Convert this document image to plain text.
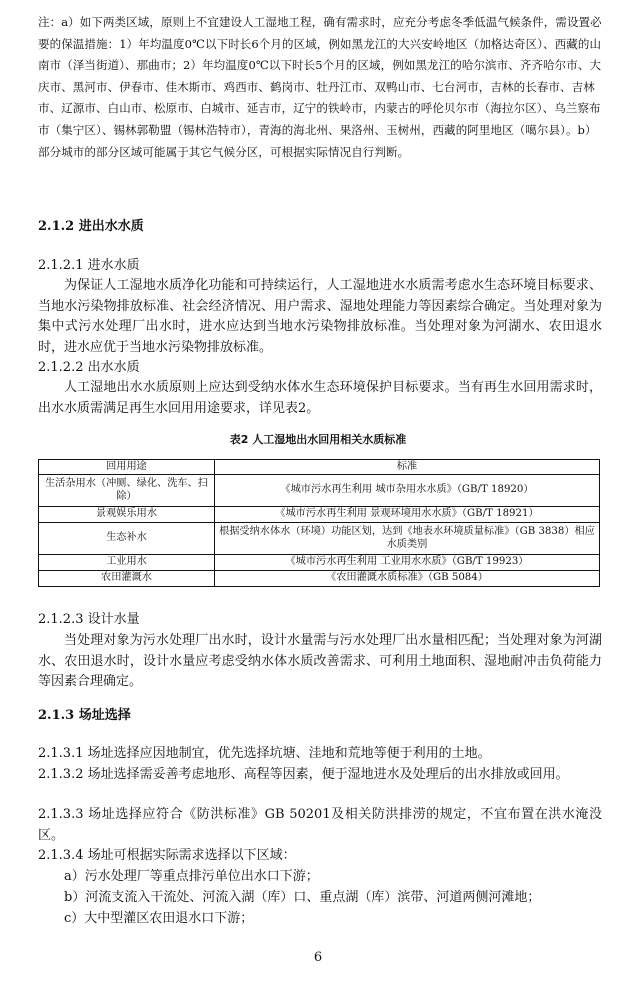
注：a）如下两类区域，原则上不宜建设人工湿地工程，确有需求时，应充分考虑冬季低温气候条件，需设置必要的保温措施：1）年均温度0℃以下时长6个月的区域，例如黑龙江的大兴安岭地区（加格达奇区）、西藏的山南市（泽当街道）、那曲市；2）年均温度0℃以下时长5个月的区域，例如黑龙江的哈尔滨市、齐齐哈尔市、大庆市、黑河市、伊春市、佳木斯市、鸡西市、鹤岗市、牡丹江市、双鸭山市、七台河市，吉林的长春市、吉林市、辽源市、白山市、松原市、白城市、延吉市，辽宁的铁岭市，内蒙古的呼伦贝尔市（海拉尔区）、乌兰察布市（集宁区）、锡林郭勒盟（锡林浩特市），青海的海北州、果洛州、玉树州，西藏的阿里地区（噶尔县）。b）部分城市的部分区域可能属于其它气候分区，可根据实际情况自行判断。
2.1.2 进出水水质
2.1.2.1 进水水质
为保证人工湿地水质净化功能和可持续运行，人工湿地进水水质需考虑水生态环境目标要求、当地水污染物排放标准、社会经济情况、用户需求、湿地处理能力等因素综合确定。当处理对象为集中式污水处理厂出水时，进水应达到当地水污染物排放标准。当处理对象为河湖水、农田退水时，进水应优于当地水污染物排放标准。
2.1.2.2 出水水质
人工湿地出水水质原则上应达到受纳水体水生态环境保护目标要求。当有再生水回用需求时，出水水质需满足再生水回用用途要求，详见表2。
表2 人工湿地出水回用相关水质标准
回用用途	标准
生活杂用水（冲厕、绿化、洗车、扫除）	《城市污水再生利用 城市杂用水水质》（GB/T 18920）
景观娱乐用水	《城市污水再生利用 景观环境用水水质》（GB/T 18921）
生态补水	根据受纳水体水（环境）功能区划，达到《地表水环境质量标准》（GB 3838）相应水质类别
工业用水	《城市污水再生利用 工业用水水质》（GB/T 19923）
农田灌溉水	《农田灌溉水质标准》（GB 5084）
2.1.2.3 设计水量
当处理对象为污水处理厂出水时，设计水量需与污水处理厂出水量相匹配；当处理对象为河湖水、农田退水时，设计水量应考虑受纳水体水质改善需求、可利用土地面积、湿地耐冲击负荷能力等因素合理确定。
2.1.3 场址选择
2.1.3.1 场址选择应因地制宜，优先选择坑塘、洼地和荒地等便于利用的土地。
2.1.3.2 场址选择需妥善考虑地形、高程等因素，便于湿地进水及处理后的出水排放或回用。
2.1.3.3 场址选择应符合《防洪标准》GB 50201及相关防洪排涝的规定，不宜布置在洪水淹没区。
2.1.3.4 场址可根据实际需求选择以下区域：
a）污水处理厂等重点排污单位出水口下游；
b）河流支流入干流处、河流入湖（库）口、重点湖（库）滨带、河道两侧河滩地；
c）大中型灌区农田退水口下游；
6
